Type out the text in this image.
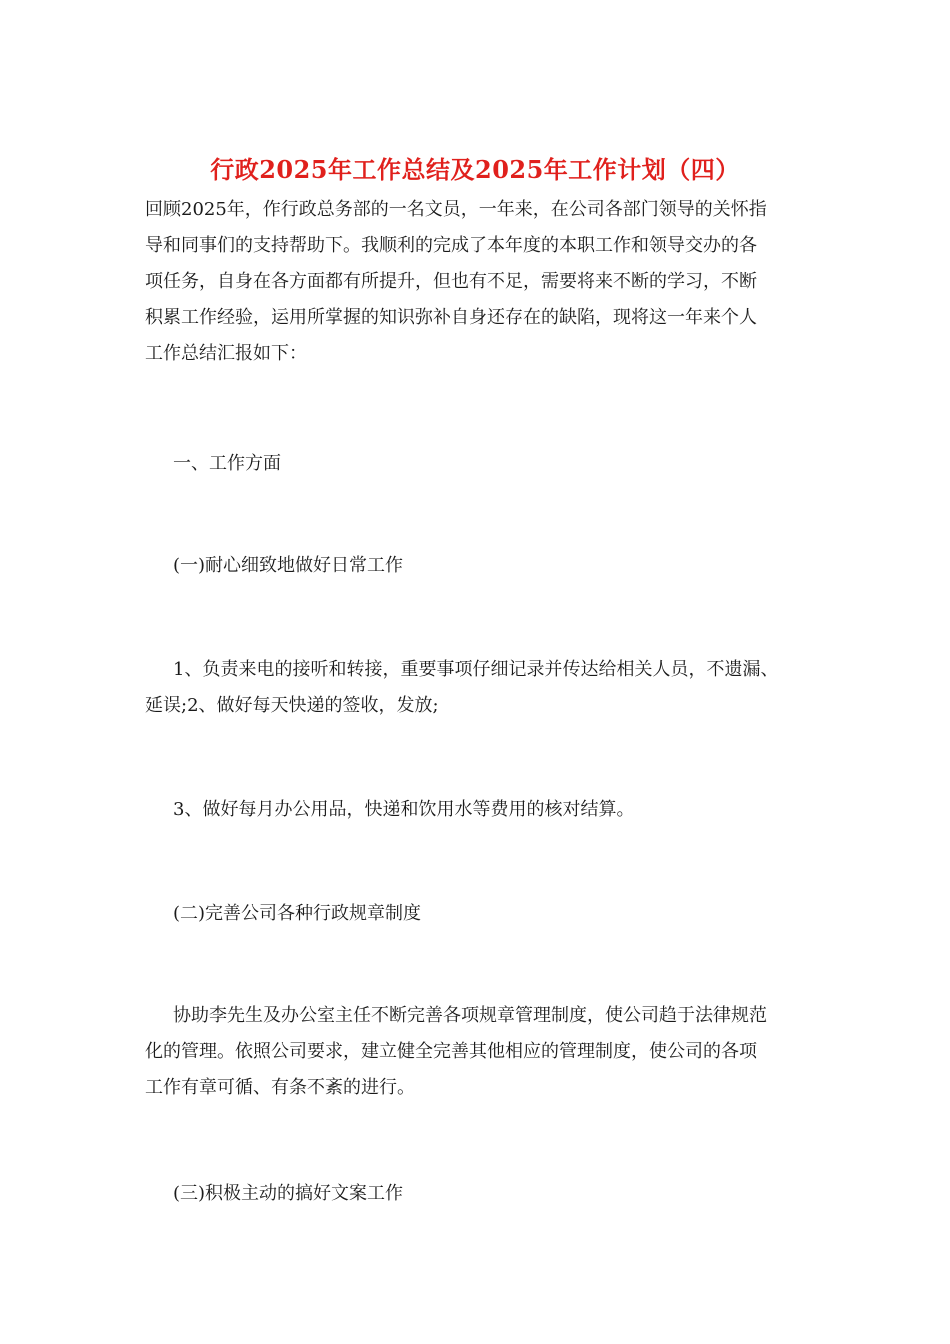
行政2025年工作总结及2025年工作计划（四）
回顾2025年，作行政总务部的一名文员，一年来，在公司各部门领导的关怀指
导和同事们的支持帮助下。我顺利的完成了本年度的本职工作和领导交办的各
项任务，自身在各方面都有所提升，但也有不足，需要将来不断的学习，不断
积累工作经验，运用所掌握的知识弥补自身还存在的缺陷，现将这一年来个人
工作总结汇报如下：
一、工作方面
(一)耐心细致地做好日常工作
1、负责来电的接听和转接，重要事项仔细记录并传达给相关人员，不遗漏、
延误;2、做好每天快递的签收，发放;
3、做好每月办公用品，快递和饮用水等费用的核对结算。
(二)完善公司各种行政规章制度
协助李先生及办公室主任不断完善各项规章管理制度，使公司趋于法律规范
化的管理。依照公司要求，建立健全完善其他相应的管理制度，使公司的各项
工作有章可循、有条不紊的进行。
(三)积极主动的搞好文案工作
